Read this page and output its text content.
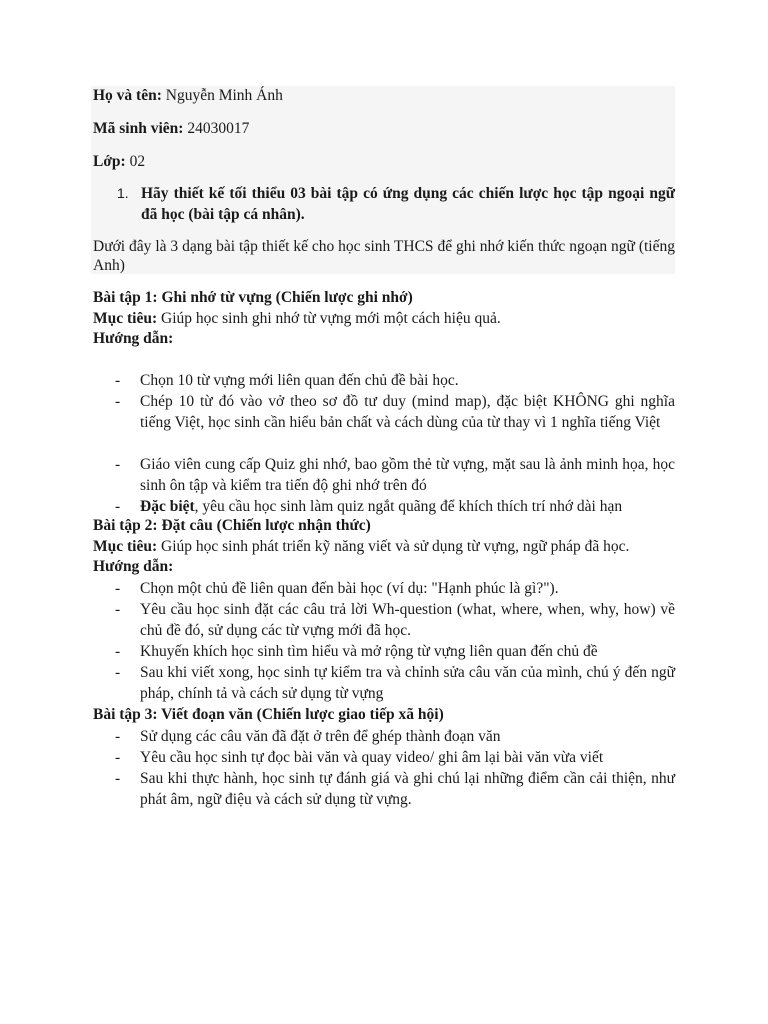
Họ và tên: Nguyễn Minh Ánh
Mã sinh viên: 24030017
Lớp: 02
1. Hãy thiết kế tối thiểu 03 bài tập có ứng dụng các chiến lược học tập ngoại ngữ đã học (bài tập cá nhân).
Dưới đây là 3 dạng bài tập thiết kế cho học sinh THCS để ghi nhớ kiến thức ngoạn ngữ (tiếng Anh)
Bài tập 1: Ghi nhớ từ vựng (Chiến lược ghi nhớ)
Mục tiêu: Giúp học sinh ghi nhớ từ vựng mới một cách hiệu quả.
Hướng dẫn:
- Chọn 10 từ vựng mới liên quan đến chủ đề bài học.
- Chép 10 từ đó vào vở theo sơ đồ tư duy (mind map), đặc biệt KHÔNG ghi nghĩa tiếng Việt, học sinh cần hiểu bản chất và cách dùng của từ thay vì 1 nghĩa tiếng Việt
- Giáo viên cung cấp Quiz ghi nhớ, bao gồm thẻ từ vựng, mặt sau là ảnh minh họa, học sinh ôn tập và kiểm tra tiến độ ghi nhớ trên đó
- Đặc biệt, yêu cầu học sinh làm quiz ngắt quãng để khích thích trí nhớ dài hạn
Bài tập 2: Đặt câu (Chiến lược nhận thức)
Mục tiêu: Giúp học sinh phát triển kỹ năng viết và sử dụng từ vựng, ngữ pháp đã học.
Hướng dẫn:
- Chọn một chủ đề liên quan đến bài học (ví dụ: "Hạnh phúc là gì?").
- Yêu cầu học sinh đặt các câu trả lời Wh-question (what, where, when, why, how) về chủ đề đó, sử dụng các từ vựng mới đã học.
- Khuyến khích học sinh tìm hiểu và mở rộng từ vựng liên quan đến chủ đề
- Sau khi viết xong, học sinh tự kiểm tra và chỉnh sửa câu văn của mình, chú ý đến ngữ pháp, chính tả và cách sử dụng từ vựng
Bài tập 3: Viết đoạn văn (Chiến lược giao tiếp xã hội)
- Sử dụng các câu văn đã đặt ở trên để ghép thành đoạn văn
- Yêu cầu học sinh tự đọc bài văn và quay video/ ghi âm lại bài văn vừa viết
- Sau khi thực hành, học sinh tự đánh giá và ghi chú lại những điểm cần cải thiện, như phát âm, ngữ điệu và cách sử dụng từ vựng.
